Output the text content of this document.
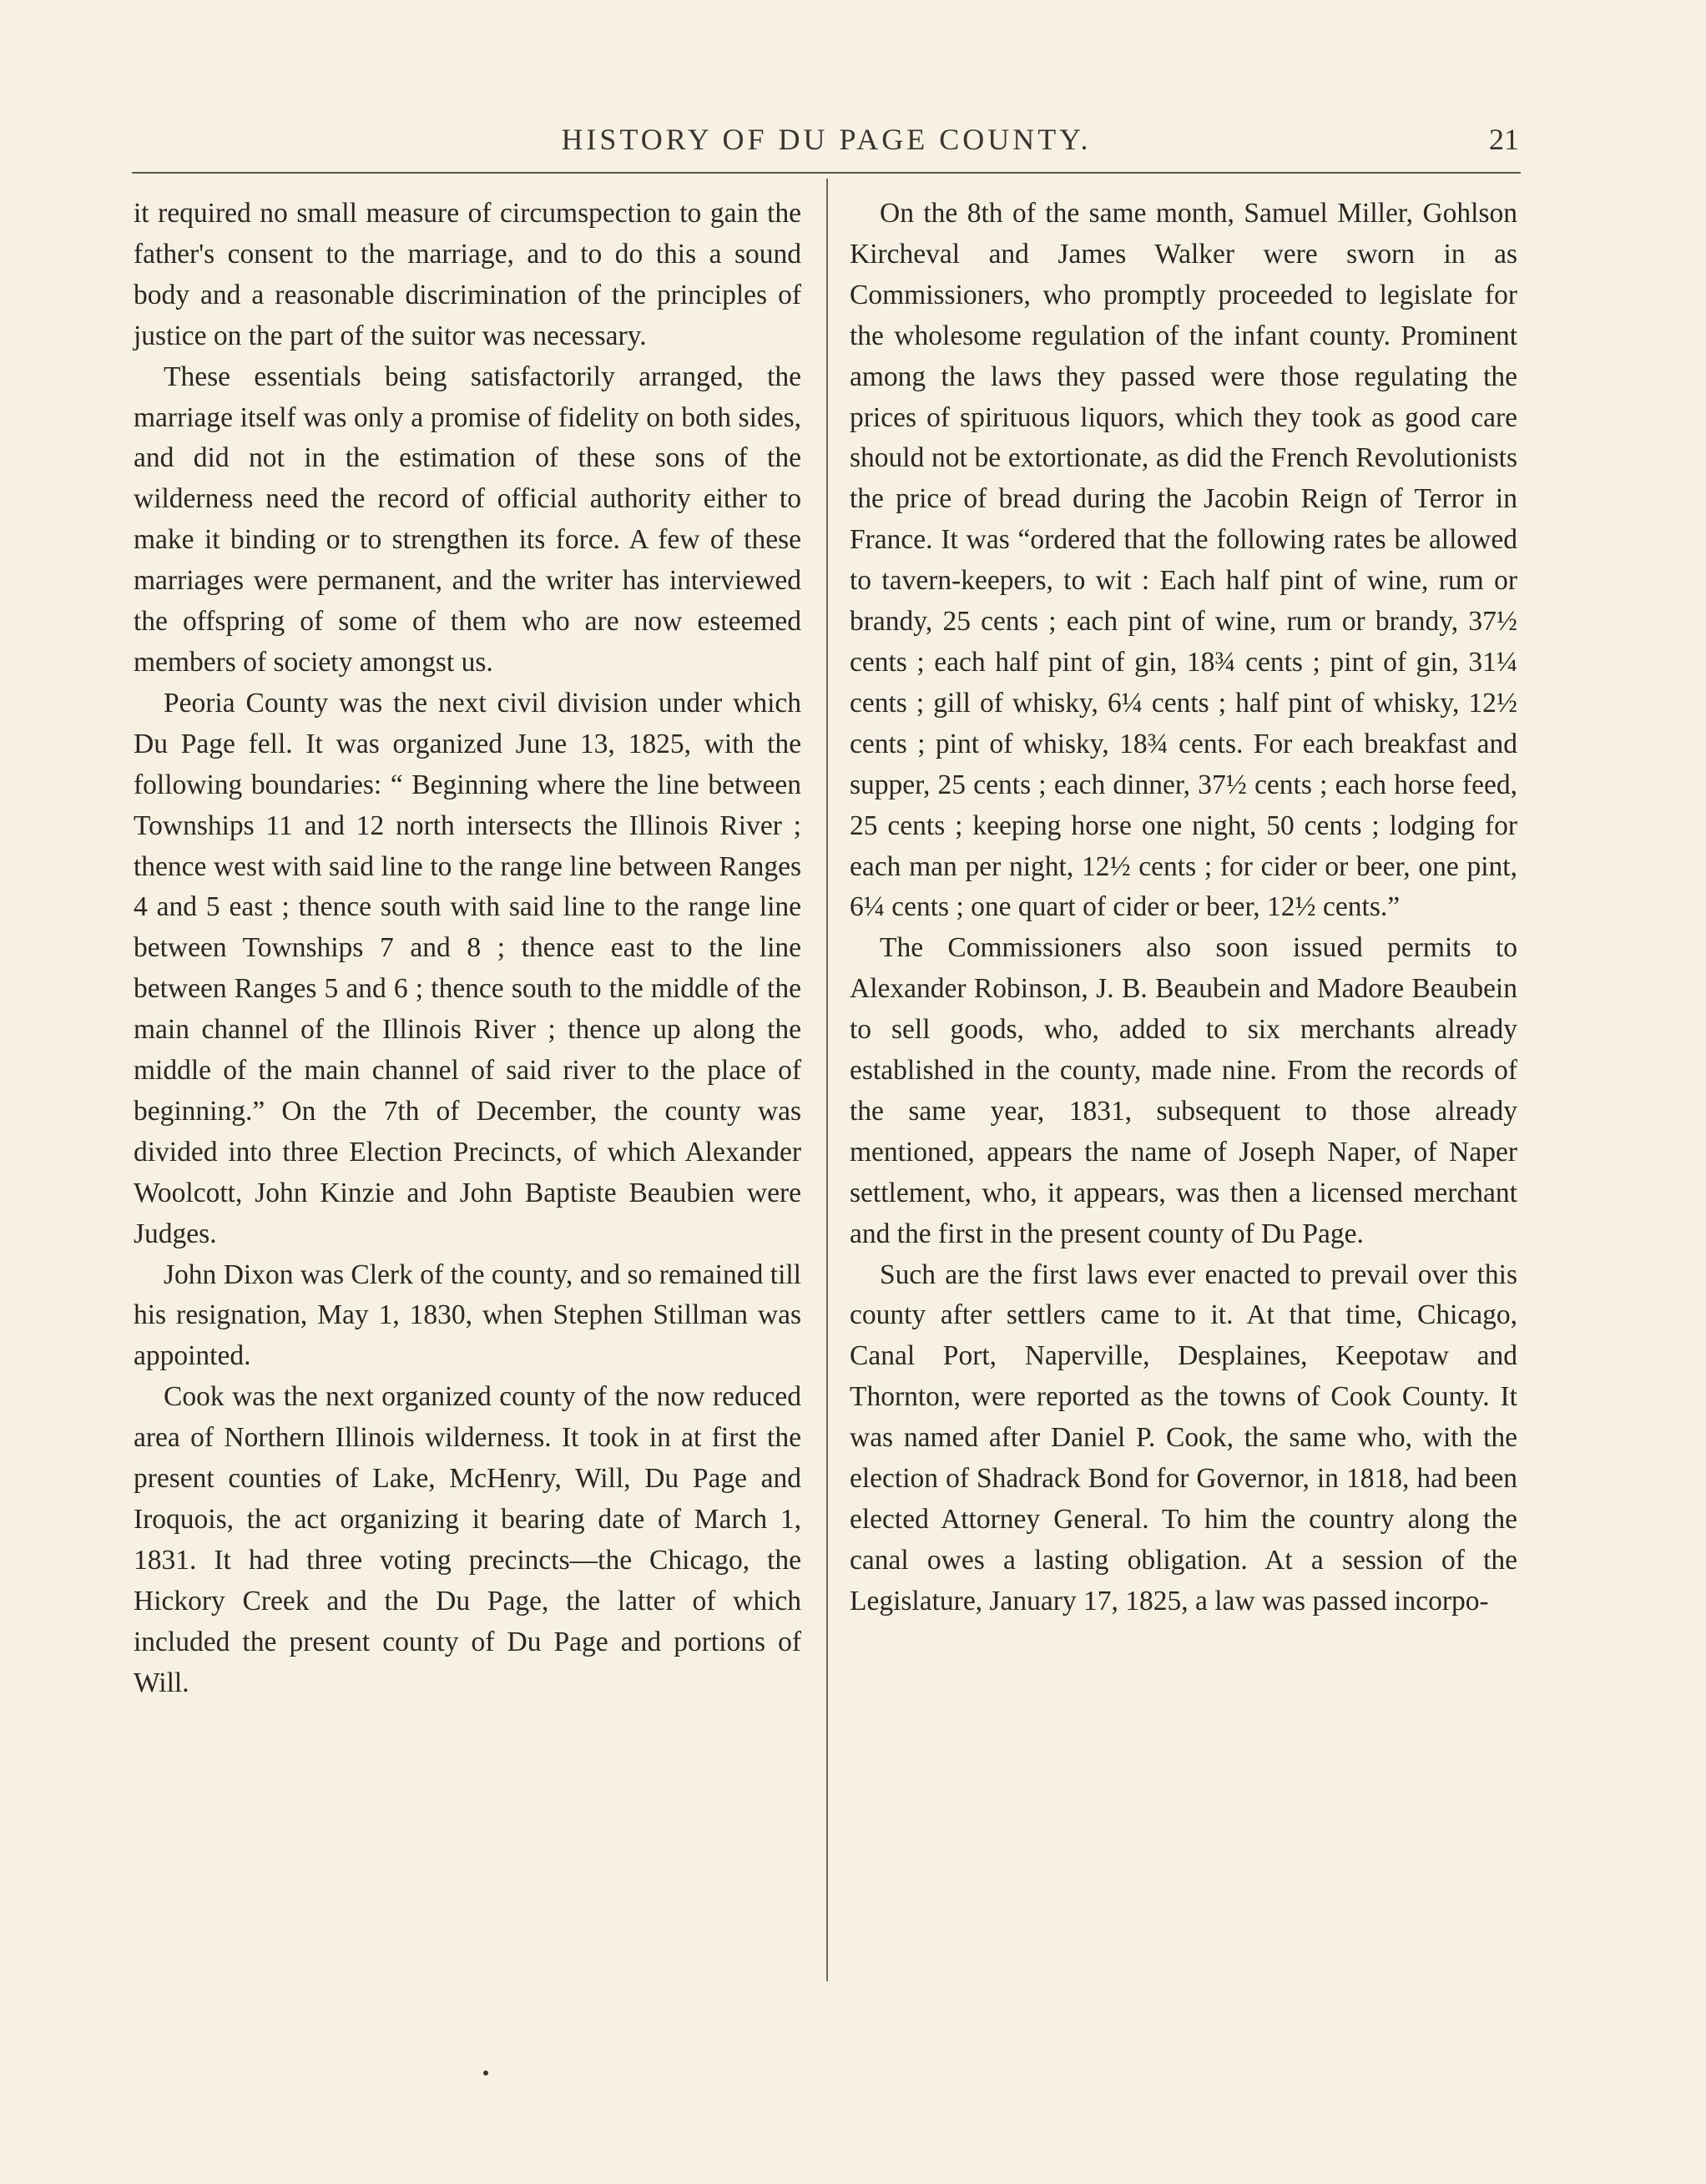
HISTORY OF DU PAGE COUNTY.	21

it required no small measure of circumspection to gain the father's consent to the marriage, and to do this a sound body and a reasonable discrimination of the principles of justice on the part of the suitor was necessary.

These essentials being satisfactorily arranged, the marriage itself was only a promise of fidelity on both sides, and did not in the estimation of these sons of the wilderness need the record of official authority either to make it binding or to strengthen its force. A few of these marriages were permanent, and the writer has interviewed the offspring of some of them who are now esteemed members of society amongst us.

Peoria County was the next civil division under which Du Page fell. It was organized June 13, 1825, with the following boundaries: “ Beginning where the line between Townships 11 and 12 north intersects the Illinois River ; thence west with said line to the range line between Ranges 4 and 5 east ; thence south with said line to the range line between Townships 7 and 8 ; thence east to the line between Ranges 5 and 6 ; thence south to the middle of the main channel of the Illinois River ; thence up along the middle of the main channel of said river to the place of beginning.” On the 7th of December, the county was divided into three Election Precincts, of which Alexander Woolcott, John Kinzie and John Baptiste Beaubien were Judges.

John Dixon was Clerk of the county, and so remained till his resignation, May 1, 1830, when Stephen Stillman was appointed.

Cook was the next organized county of the now reduced area of Northern Illinois wilderness. It took in at first the present counties of Lake, McHenry, Will, Du Page and Iroquois, the act organizing it bearing date of March 1, 1831. It had three voting precincts—the Chicago, the Hickory Creek and the Du Page, the latter of which included the present county of Du Page and portions of Will.

On the 8th of the same month, Samuel Miller, Gohlson Kircheval and James Walker were sworn in as Commissioners, who promptly proceeded to legislate for the wholesome regulation of the infant county. Prominent among the laws they passed were those regulating the prices of spirituous liquors, which they took as good care should not be extortionate, as did the French Revolutionists the price of bread during the Jacobin Reign of Terror in France. It was “ordered that the following rates be allowed to tavern-keepers, to wit : Each half pint of wine, rum or brandy, 25 cents ; each pint of wine, rum or brandy, 37½ cents ; each half pint of gin, 18¾ cents ; pint of gin, 31¼ cents ; gill of whisky, 6¼ cents ; half pint of whisky, 12½ cents ; pint of whisky, 18¾ cents. For each breakfast and supper, 25 cents ; each dinner, 37½ cents ; each horse feed, 25 cents ; keeping horse one night, 50 cents ; lodging for each man per night, 12½ cents ; for cider or beer, one pint, 6¼ cents ; one quart of cider or beer, 12½ cents.”

The Commissioners also soon issued permits to Alexander Robinson, J. B. Beaubein and Madore Beaubein to sell goods, who, added to six merchants already established in the county, made nine. From the records of the same year, 1831, subsequent to those already mentioned, appears the name of Joseph Naper, of Naper settlement, who, it appears, was then a licensed merchant and the first in the present county of Du Page.

Such are the first laws ever enacted to prevail over this county after settlers came to it. At that time, Chicago, Canal Port, Naperville, Desplaines, Keepotaw and Thornton, were reported as the towns of Cook County. It was named after Daniel P. Cook, the same who, with the election of Shadrack Bond for Governor, in 1818, had been elected Attorney General. To him the country along the canal owes a lasting obligation. At a session of the Legislature, January 17, 1825, a law was passed incorpo-
